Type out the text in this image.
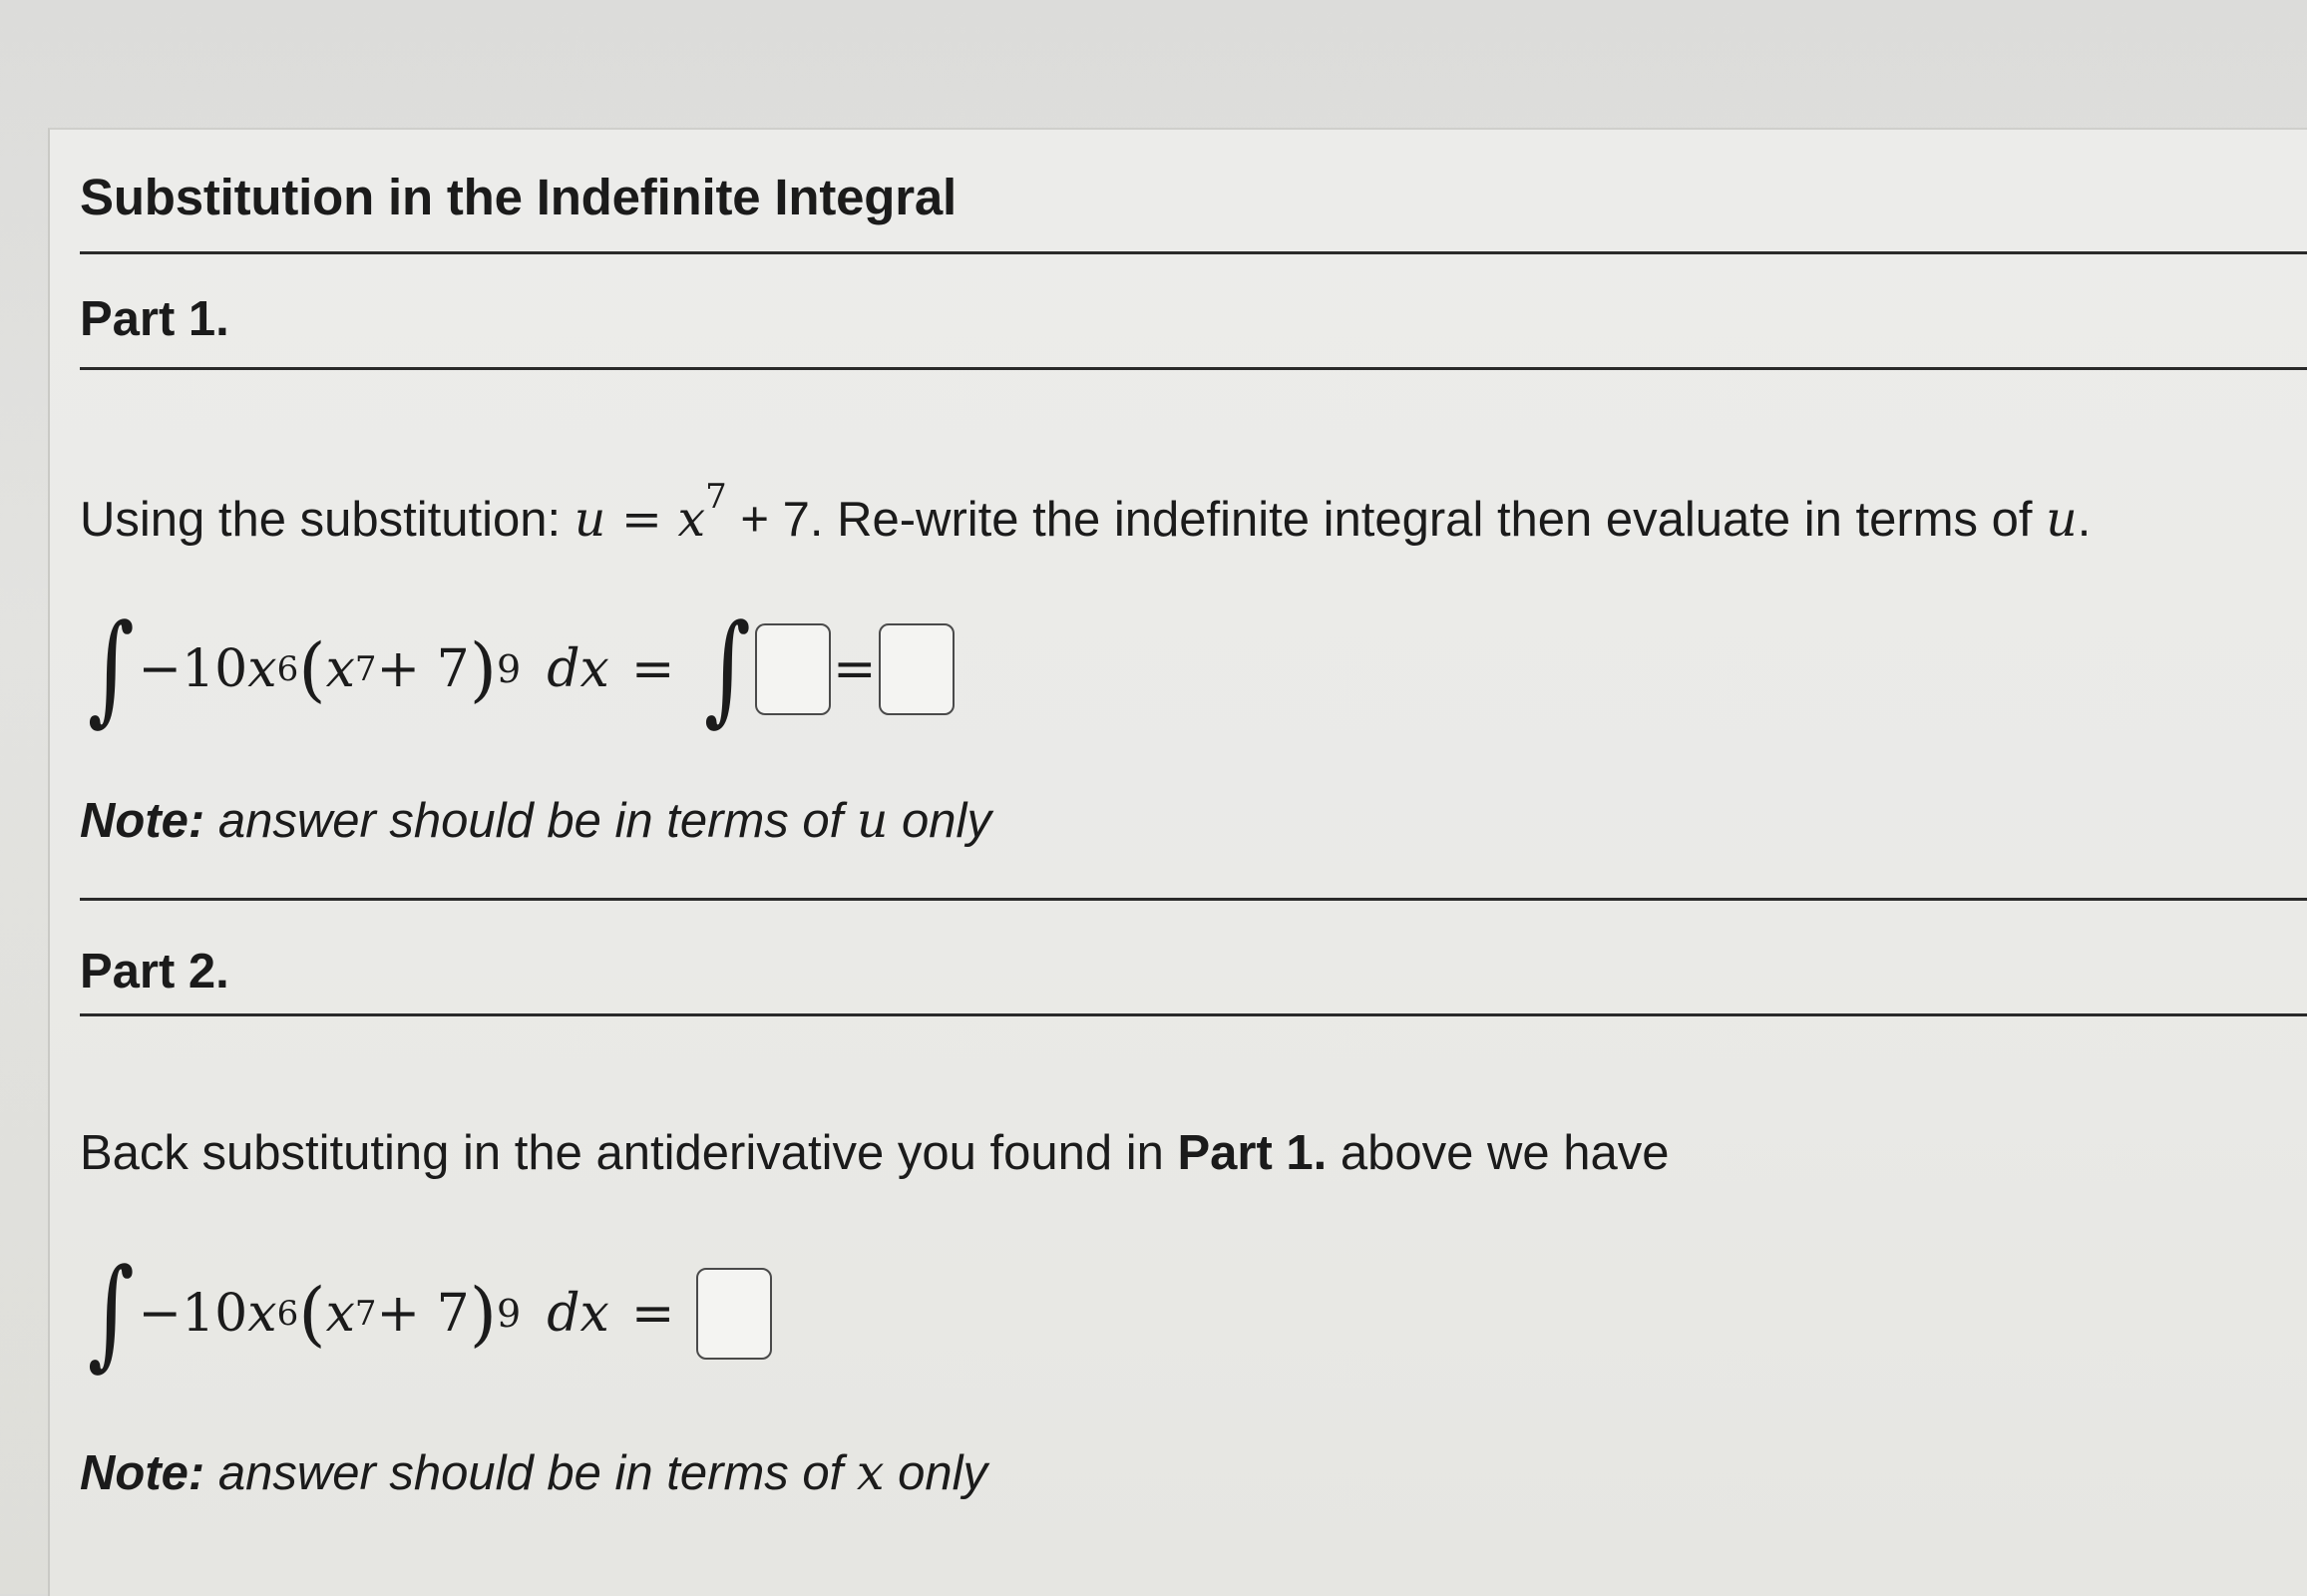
Substitution in the Indefinite Integral
Part 1.
Using the substitution: $u = x^7 + 7$. Re-write the indefinite integral then evaluate in terms of u.
∫ −10 x 6 ( x 7 + 7 ) 9 dx = ∫ =
Note: answer should be in terms of u only
Part 2.
Back substituting in the antiderivative you found in Part 1. above we have
∫ −10 x 6 ( x 7 + 7 ) 9 dx =
Note: answer should be in terms of x only
